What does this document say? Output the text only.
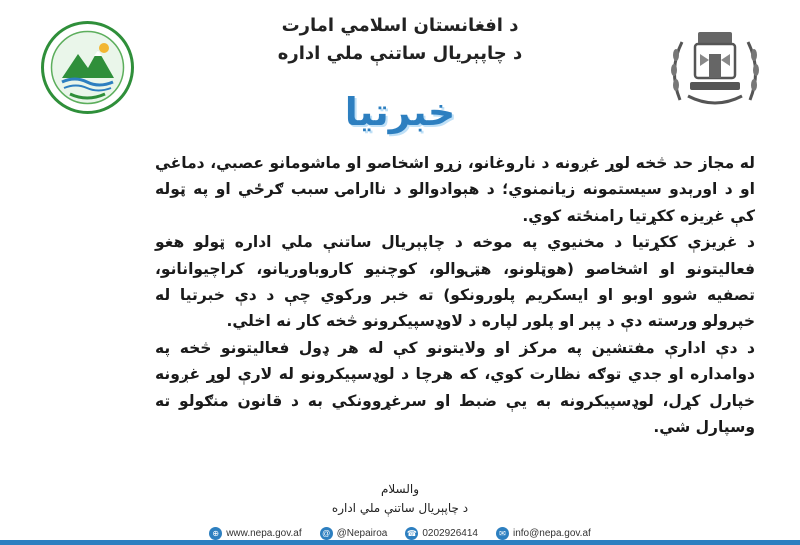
د افغانستان اسلامي امارت
د چاپېریال ساتنې ملي اداره
خبرتیا

له مجاز حد څخه لوړ غږونه د ناروغانو، زړو اشخاصو او ماشومانو عصبي، دماغي او د اورېدو سیستمونه زیانمنوي؛ د هېوادوالو د ناارامۍ سبب ګرځي او په ټوله کې غږیزه ککړتیا رامنځته کوي.

د غږیزې ککړتیا د مخنیوي په موخه د چاپېریال ساتنې ملي اداره ټولو هغو فعالیتونو او اشخاصو (هوټلونو، هټۍوالو، کوچنیو کاروباوریانو، کراچیوانانو، تصفیه شوو اوبو او ایسکریم پلورونکو) ته خبر ورکوي چې د دې خبرتیا له خپرولو ورسته دې د پېر او پلور لپاره د لاوډسپیکرونو څخه کار نه اخلي.

د دې ادارې مفتشین په مرکز او ولایتونو کې له هر ډول فعالیتونو څخه په دوامداره او جدي توګه نظارت کوي، که هرچا د لوډسپیکرونو له لارې لوړ غږونه خپارل کړل، لوډسپیکرونه به یې ضبط او سرغړوونکي به د قانون منګولو ته وسپارل شي.

والسلام
د چاپېریال ساتنې ملي اداره
⊕ www.nepa.gov.af	@ @Nepairoa ☎ 0202926414	✉ info@nepa.gov.af
